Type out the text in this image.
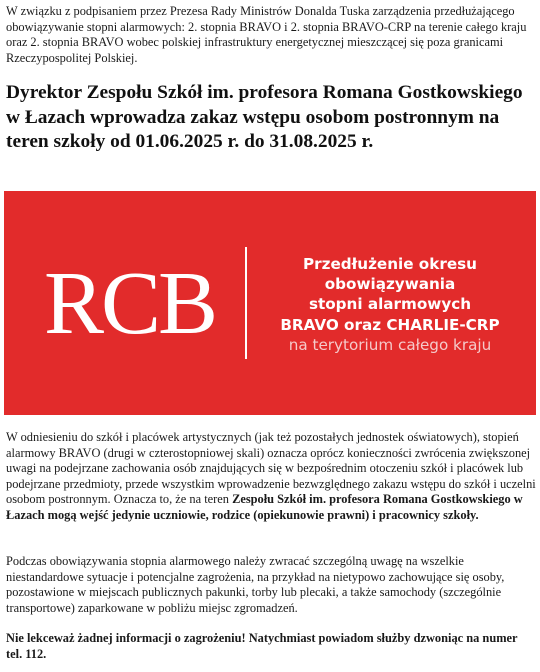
W związku z podpisaniem przez Prezesa Rady Ministrów Donalda Tuska zarządzenia przedłużającego obowiązywanie stopni alarmowych: 2. stopnia BRAVO i 2. stopnia BRAVO-CRP na terenie całego kraju oraz 2. stopnia BRAVO wobec polskiej infrastruktury energetycznej mieszczącej się poza granicami Rzeczypospolitej Polskiej.

Dyrektor Zespołu Szkół im. profesora Romana Gostkowskiego w Łazach wprowadza zakaz wstępu osobom postronnym na teren szkoły od 01.06.2025 r. do 31.08.2025 r.
RCB	Przedłużenie okresu
obowiązywania
stopni alarmowych
BRAVO oraz CHARLIE-CRP
na terytorium całego kraju

W odniesieniu do szkół i placówek artystycznych (jak też pozostałych jednostek oświatowych), stopień alarmowy BRAVO (drugi w czterostopniowej skali) oznacza oprócz konieczności zwrócenia zwiększonej uwagi na podejrzane zachowania osób znajdujących się w bezpośrednim otoczeniu szkół i placówek lub podejrzane przedmioty, przede wszystkim wprowadzenie bezwzględnego zakazu wstępu do szkół i uczelni osobom postronnym. Oznacza to, że na teren Zespołu Szkół im. profesora Romana Gostkowskiego w Łazach mogą wejść jedynie uczniowie, rodzice (opiekunowie prawni) i pracownicy szkoły.

Podczas obowiązywania stopnia alarmowego należy zwracać szczególną uwagę na wszelkie niestandardowe sytuacje i potencjalne zagrożenia, na przykład na nietypowo zachowujące się osoby, pozostawione w miejscach publicznych pakunki, torby lub plecaki, a także samochody (szczególnie transportowe) zaparkowane w pobliżu miejsc zgromadzeń.

Nie lekceważ żadnej informacji o zagrożeniu! Natychmiast powiadom służby dzwoniąc na numer tel. 112.
